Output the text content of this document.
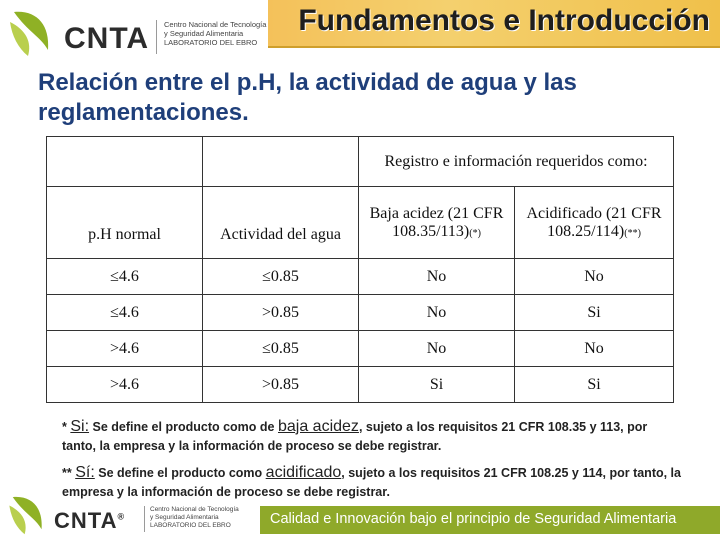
CNTA Centro Nacional de Tecnología
y Seguridad Alimentaria
LABORATORIO DEL EBRO
Fundamentos e Introducción
Relación entre el p.H, la actividad de agua y las reglamentaciones.
		Registro e información requeridos como:	
p.H normal	Actividad del agua	Baja acidez (21 CFR 108.35/113)(*)	Acidificado (21 CFR 108.25/114)(**)
≤4.6	≤0.85	No	No
≤4.6	>0.85	No	Si
>4.6	≤0.85	No	No
>4.6	>0.85	Si	Si
* Si: Se define el producto como de baja acidez, sujeto a los requisitos 21 CFR 108.35 y 113, por tanto, la empresa y la información de proceso se debe registrar.
** Sí: Se define el producto como acidificado, sujeto a los requisitos 21 CFR 108.25 y 114, por tanto, la empresa y la información de proceso se debe registrar.
CNTA®
Centro Nacional de Tecnología
y Seguridad Alimentaria
LABORATORIO DEL EBRO	Calidad e Innovación bajo el principio de Seguridad Alimentaria
